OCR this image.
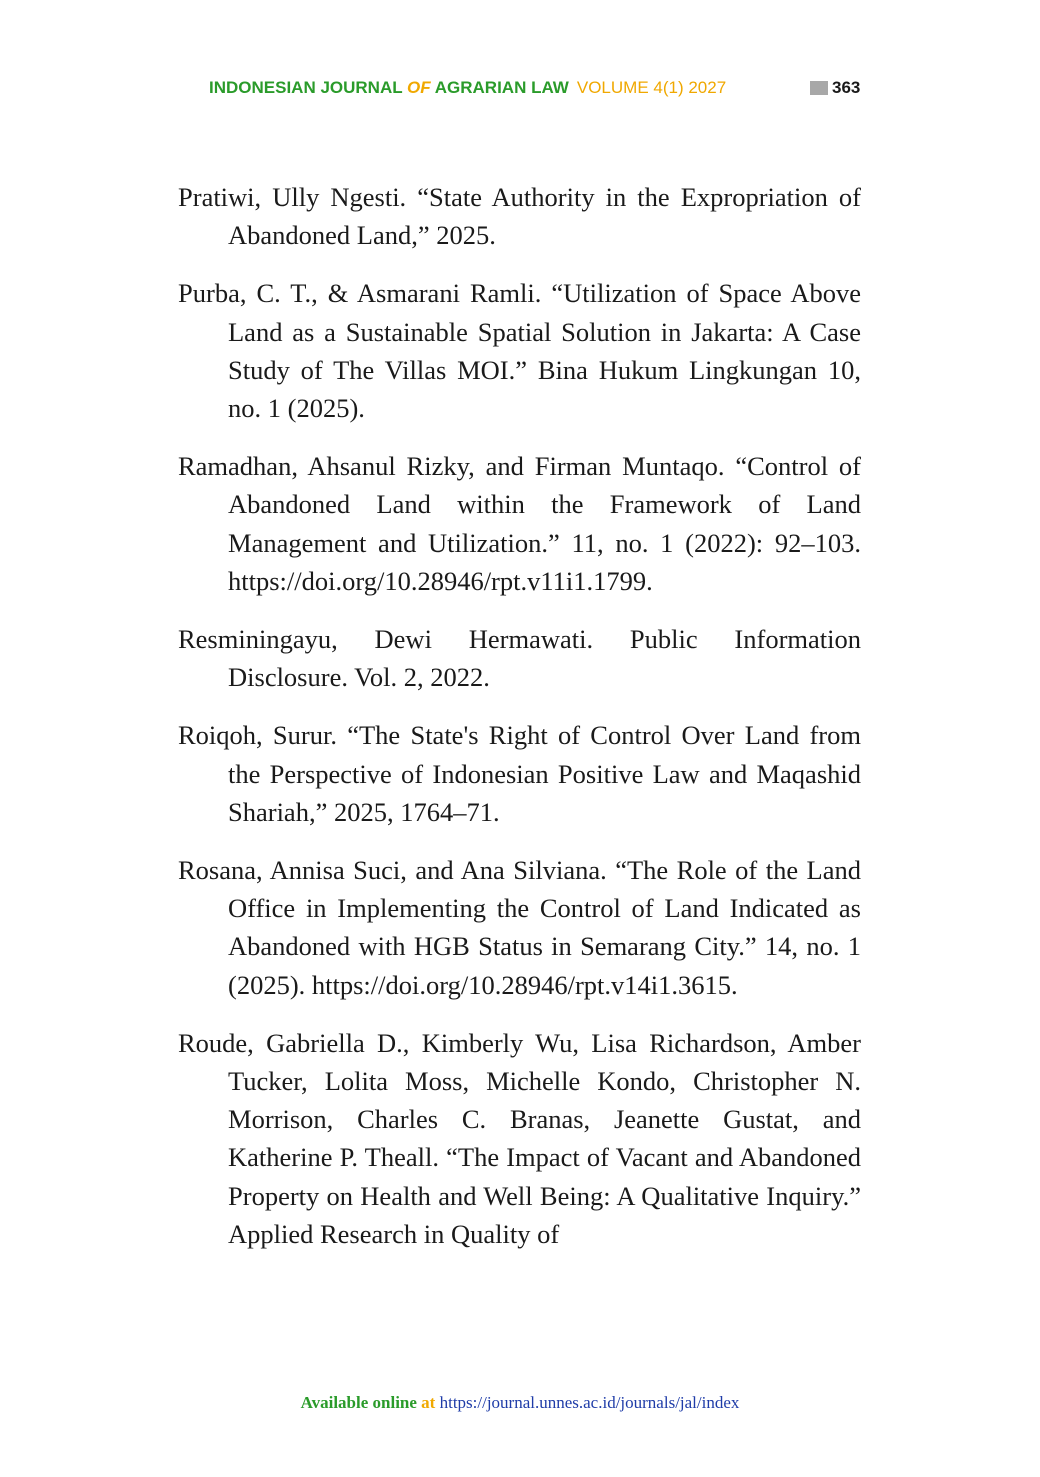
INDONESIAN JOURNAL OF AGRARIAN LAW VOLUME 4(1) 2027	363

Pratiwi, Ully Ngesti. “State Authority in the Expropriation of Abandoned Land,” 2025.

Purba, C. T., & Asmarani Ramli. “Utilization of Space Above Land as a Sustainable Spatial Solution in Jakarta: A Case Study of The Villas MOI.” Bina Hukum Lingkungan 10, no. 1 (2025).

Ramadhan, Ahsanul Rizky, and Firman Muntaqo. “Control of Abandoned Land within the Framework of Land Management and Utilization.” 11, no. 1 (2022): 92–103. https://doi.org/10.28946/rpt.v11i1.1799.

Resminingayu, Dewi Hermawati. Public Information Disclosure. Vol. 2, 2022.

Roiqoh, Surur. “The State's Right of Control Over Land from the Perspective of Indonesian Positive Law and Maqashid Shariah,” 2025, 1764–71.

Rosana, Annisa Suci, and Ana Silviana. “The Role of the Land Office in Implementing the Control of Land Indicated as Abandoned with HGB Status in Semarang City.” 14, no. 1 (2025). https://doi.org/10.28946/rpt.v14i1.3615.

Roude, Gabriella D., Kimberly Wu, Lisa Richardson, Amber Tucker, Lolita Moss, Michelle Kondo, Christopher N. Morrison, Charles C. Branas, Jeanette Gustat, and Katherine P. Theall. “The Impact of Vacant and Abandoned Property on Health and Well Being: A Qualitative Inquiry.” Applied Research in Quality of

Available online at https://journal.unnes.ac.id/journals/jal/index
